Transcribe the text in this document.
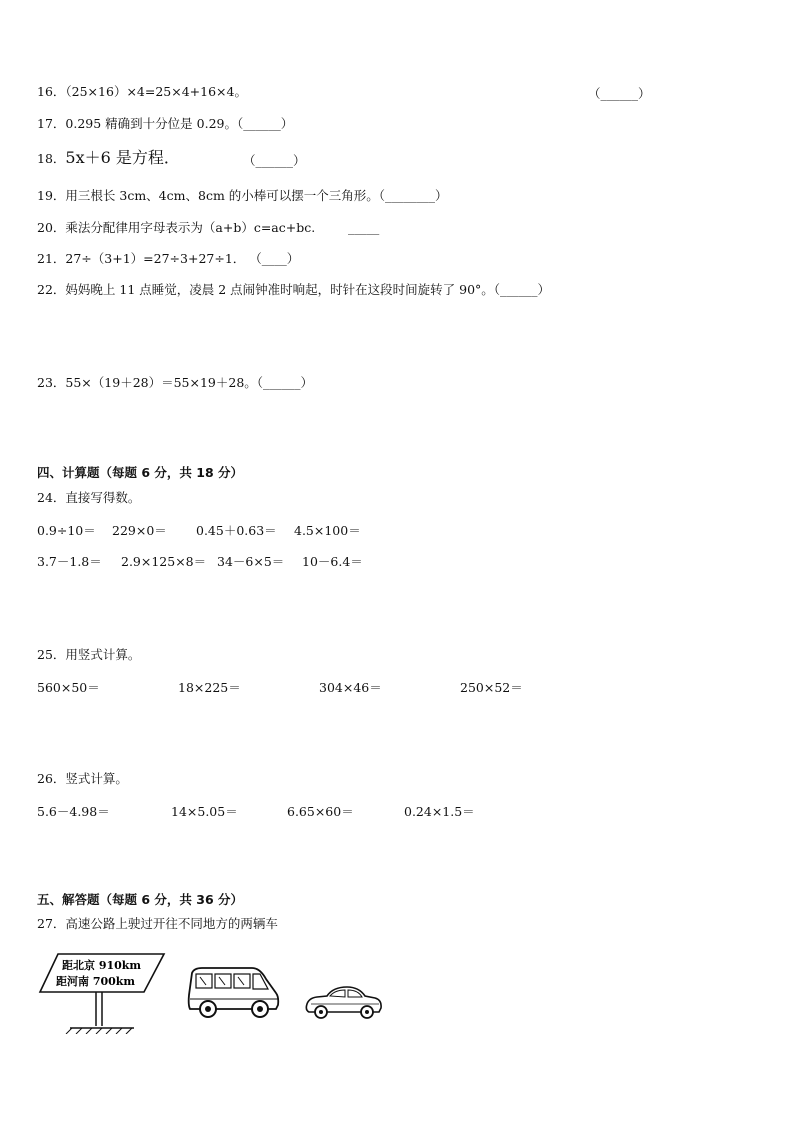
16．（25×16）×4=25×4+16×4。	（______）
17．0.295 精确到十分位是 0.29。（______）
18．5x＋6 是方程．	（______）
19．用三根长 3cm、4cm、8cm 的小棒可以摆一个三角形。（________）
20．乘法分配律用字母表示为（a+b）c=ac+bc.	_____
21．27÷（3+1）=27÷3+27÷1． （____）
22．妈妈晚上 11 点睡觉，凌晨 2 点闹钟准时响起，时针在这段时间旋转了 90°。（______）
23．55×（19＋28）＝55×19＋28。（______）
四、计算题（每题 6 分，共 18 分）
24．直接写得数。
0.9÷10＝ 229×0＝ 0.45＋0.63＝ 4.5×100＝
3.7－1.8＝ 2.9×125×8＝ 34－6×5＝ 10－6.4＝
25．用竖式计算。
560×50＝	18×225＝	304×46＝	250×52＝
26．竖式计算。
5.6－4.98＝	14×5.05＝	6.65×60＝	0.24×1.5＝
五、解答题（每题 6 分，共 36 分）
27．高速公路上驶过开往不同地方的两辆车
距北京 910km
距河南 700km
